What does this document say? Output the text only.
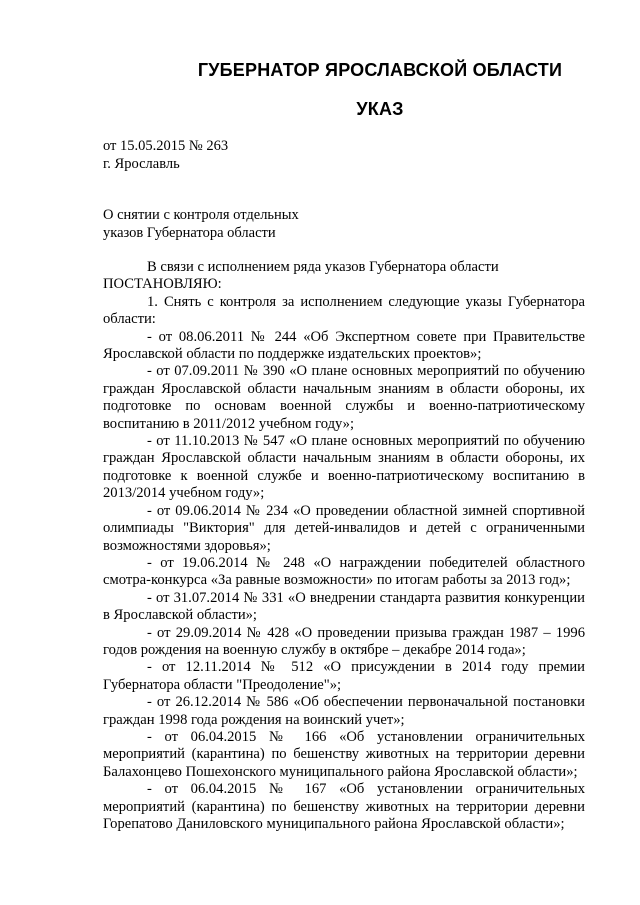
ГУБЕРНАТОР ЯРОСЛАВСКОЙ ОБЛАСТИ
УКАЗ
от 15.05.2015 № 263
г. Ярославль
О снятии с контроля отдельных
указов Губернатора области

В связи с исполнением ряда указов Губернатора области

ПОСТАНОВЛЯЮ:

1. Снять с контроля за исполнением следующие указы Губернатора области:

- от 08.06.2011 № 244 «Об Экспертном совете при Правительстве Ярославской области по поддержке издательских проектов»;

- от 07.09.2011 № 390 «О плане основных мероприятий по обучению граждан Ярославской области начальным знаниям в области обороны, их подготовке по основам военной службы и военно-патриотическому воспитанию в 2011/2012 учебном году»;

- от 11.10.2013 № 547 «О плане основных мероприятий по обучению граждан Ярославской области начальным знаниям в области обороны, их подготовке к военной службе и военно-патриотическому воспитанию в 2013/2014 учебном году»;

- от 09.06.2014 № 234 «О проведении областной зимней спортивной олимпиады "Виктория" для детей-инвалидов и детей с ограниченными возможностями здоровья»;

- от 19.06.2014 № 248 «О награждении победителей областного смотра-конкурса «За равные возможности» по итогам работы за 2013 год»;

- от 31.07.2014 № 331 «О внедрении стандарта развития конкуренции в Ярославской области»;

- от 29.09.2014 № 428 «О проведении призыва граждан 1987 – 1996 годов рождения на военную службу в октябре – декабре 2014 года»;

- от 12.11.2014 № 512 «О присуждении в 2014 году премии Губернатора области "Преодоление"»;

- от 26.12.2014 № 586 «Об обеспечении первоначальной постановки граждан 1998 года рождения на воинский учет»;

- от 06.04.2015 № 166 «Об установлении ограничительных мероприятий (карантина) по бешенству животных на территории деревни Балахонцево Пошехонского муниципального района Ярославской области»;

- от 06.04.2015 № 167 «Об установлении ограничительных мероприятий (карантина) по бешенству животных на территории деревни Горепатово Даниловского муниципального района Ярославской области»;
